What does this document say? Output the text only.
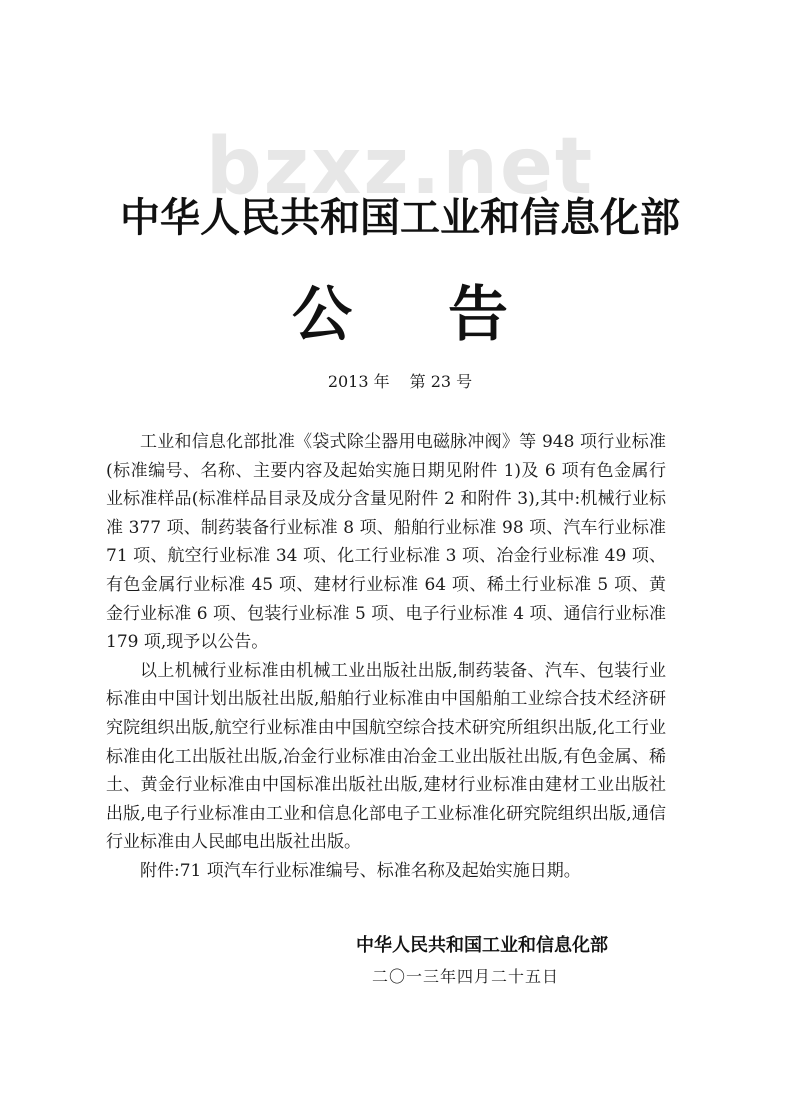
bzxz.net
中华人民共和国工业和信息化部
公 告
2013 年 第 23 号

工业和信息化部批准《袋式除尘器用电磁脉冲阀》等 948 项行业标准(标准编号、名称、主要内容及起始实施日期见附件 1)及 6 项有色金属行业标准样品(标准样品目录及成分含量见附件 2 和附件 3),其中:机械行业标准 377 项、制药装备行业标准 8 项、船舶行业标准 98 项、汽车行业标准 71 项、航空行业标准 34 项、化工行业标准 3 项、冶金行业标准 49 项、有色金属行业标准 45 项、建材行业标准 64 项、稀土行业标准 5 项、黄金行业标准 6 项、包装行业标准 5 项、电子行业标准 4 项、通信行业标准 179 项,现予以公告。

以上机械行业标准由机械工业出版社出版,制药装备、汽车、包装行业标准由中国计划出版社出版,船舶行业标准由中国船舶工业综合技术经济研究院组织出版,航空行业标准由中国航空综合技术研究所组织出版,化工行业标准由化工出版社出版,冶金行业标准由冶金工业出版社出版,有色金属、稀土、黄金行业标准由中国标准出版社出版,建材行业标准由建材工业出版社出版,电子行业标准由工业和信息化部电子工业标准化研究院组织出版,通信行业标准由人民邮电出版社出版。

附件:71 项汽车行业标准编号、标准名称及起始实施日期。

中华人民共和国工业和信息化部
二〇一三年四月二十五日
